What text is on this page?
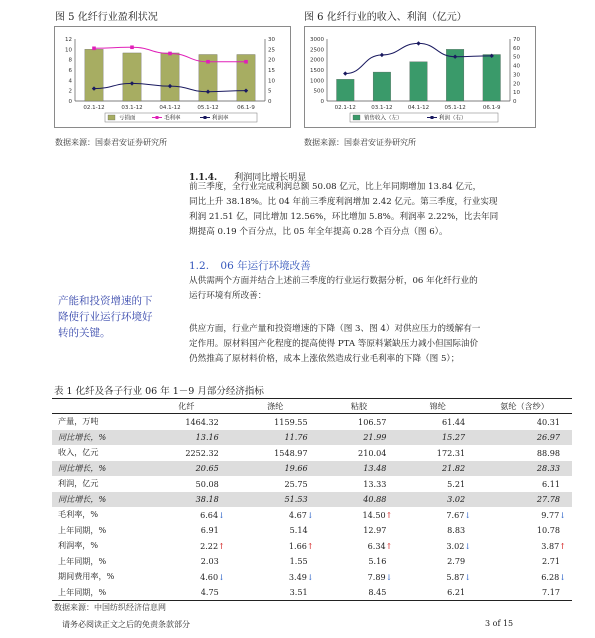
图 5 化纤行业盈利状况
0
2
4
6
8
10
12
0
5
10
15
20
25
30
02.1-12	03.1-12	04.1-12	05.1-12	06.1-9
亏损面	毛利率	利润率
数据来源：国泰君安证券研究所
图 6 化纤行业的收入、利润（亿元）
0
500
1000
1500
2000
2500
3000
0
10
20
30
40
50
60
70
02.1-12	03.1-12	04.1-12	05.1-12	06.1-9
销售收入（左）	利润（右）
数据来源：国泰君安证券研究所
1.1.4. 利润同比增长明显
前三季度，全行业完成利润总额 50.08 亿元，比上年同期增加 13.84 亿元，
同比上升 38.18%。比 04 年前三季度利润增加 2.42 亿元。第三季度，行业实现
利润 21.51 亿，同比增加 12.56%，环比增加 5.8%。利润率 2.22%，比去年同
期提高 0.19 个百分点，比 05 年全年提高 0.28 个百分点（图 6）。
1.2. 06 年运行环境改善
从供需两个方面并结合上述前三季度的行业运行数据分析，06 年化纤行业的
运行环境有所改善：
产能和投资增速的下
降使行业运行环境好
转的关键。	供应方面，行业产量和投资增速的下降（图 3、图 4）对供应压力的缓解有一
定作用。原材料国产化程度的提高使得 PTA 等原料紧缺压力减小但国际油价
仍然推高了原材料价格，成本上涨依然造成行业毛利率的下降（图 5）；
表 1 化纤及各子行业 06 年 1－9 月部分经济指标
	化纤	涤纶	粘胶	锦纶	氨纶（含纱）
产量，万吨	1464.32	1159.55	106.57	61.44	40.31
同比增长，%	13.16	11.76	21.99	15.27	26.97
收入，亿元	2252.32	1548.97	210.04	172.31	88.98
同比增长，%	20.65	19.66	13.48	21.82	28.33
利润，亿元	50.08	25.75	13.33	5.21	6.11
同比增长，%	38.18	51.53	40.88	3.02	27.78
毛利率，%	6.64↓	4.67↓	14.50↑	7.67↓	9.77↓
上年同期，%	6.91	5.14	12.97	8.83	10.78
利润率，%	2.22↑	1.66↑	6.34↑	3.02↓	3.87↑
上年同期，%	2.03	1.55	5.16	2.79	2.71
期间费用率，%	4.60↓	3.49↓	7.89↓	5.87↓	6.28↓
上年同期，%	4.75	3.51	8.45	6.21	7.17
数据来源：中国纺织经济信息网
请务必阅读正文之后的免责条款部分	3 of 15
